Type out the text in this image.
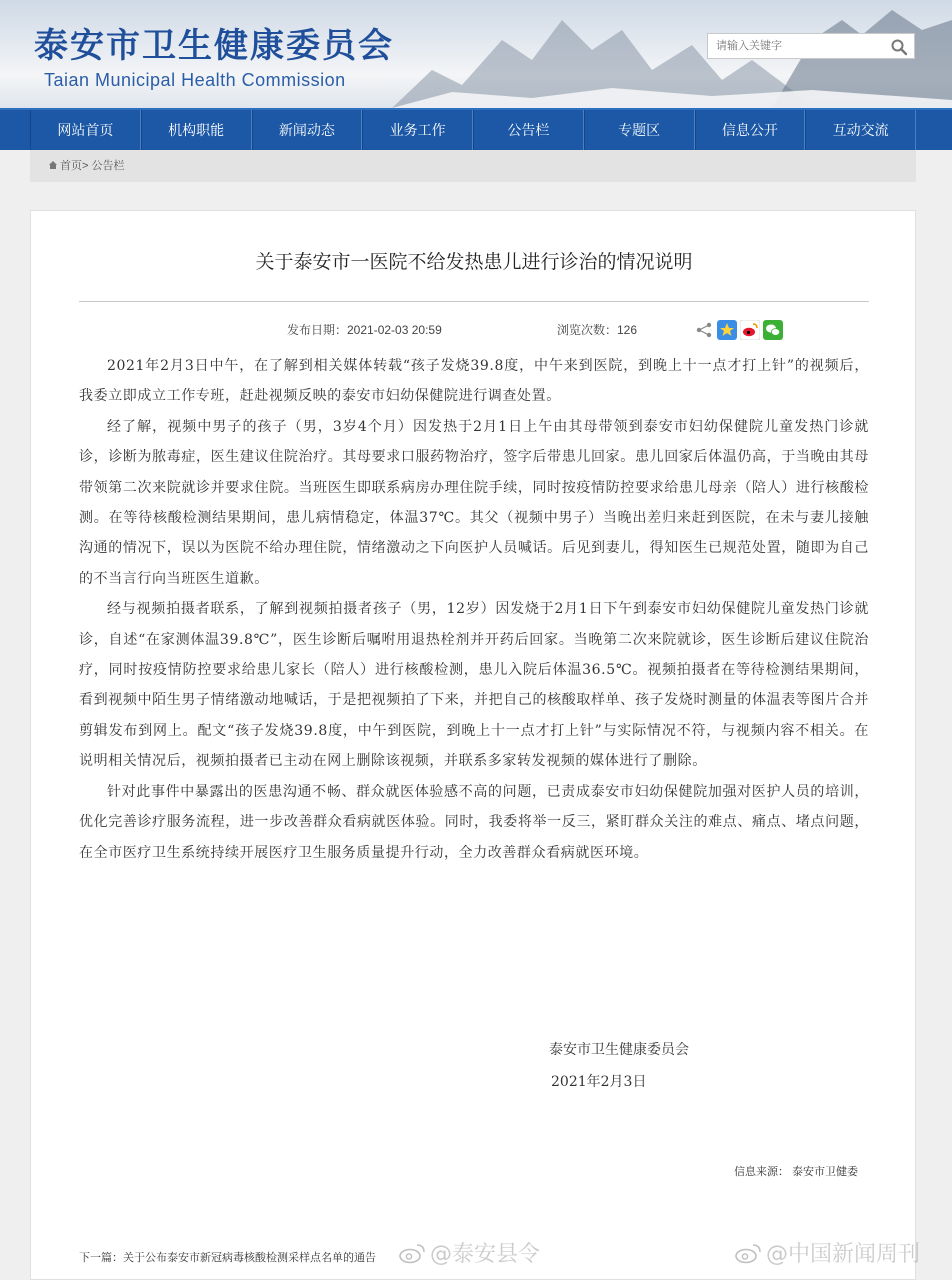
泰安市卫生健康委员会
Taian Municipal Health Commission
请输入关键字
网站首页	机构职能	新闻动态	业务工作	公告栏	专题区	信息公开	互动交流
首页> 公告栏
关于泰安市一医院不给发热患儿进行诊治的情况说明
发布日期：2021-02-03 20:59	浏览次数：126

2021年2月3日中午，在了解到相关媒体转载“孩子发烧39.8度，中午来到医院，到晚上十一点才打上针”的视频后，我委立即成立工作专班，赶赴视频反映的泰安市妇幼保健院进行调查处置。

经了解，视频中男子的孩子（男，3岁4个月）因发热于2月1日上午由其母带领到泰安市妇幼保健院儿童发热门诊就诊，诊断为脓毒症，医生建议住院治疗。其母要求口服药物治疗，签字后带患儿回家。患儿回家后体温仍高，于当晚由其母带领第二次来院就诊并要求住院。当班医生即联系病房办理住院手续，同时按疫情防控要求给患儿母亲（陪人）进行核酸检测。在等待核酸检测结果期间，患儿病情稳定，体温37℃。其父（视频中男子）当晚出差归来赶到医院，在未与妻儿接触沟通的情况下，误以为医院不给办理住院，情绪激动之下向医护人员喊话。后见到妻儿，得知医生已规范处置，随即为自己的不当言行向当班医生道歉。

经与视频拍摄者联系，了解到视频拍摄者孩子（男，12岁）因发烧于2月1日下午到泰安市妇幼保健院儿童发热门诊就诊，自述“在家测体温39.8℃”，医生诊断后嘱咐用退热栓剂并开药后回家。当晚第二次来院就诊，医生诊断后建议住院治疗，同时按疫情防控要求给患儿家长（陪人）进行核酸检测，患儿入院后体温36.5℃。视频拍摄者在等待检测结果期间，看到视频中陌生男子情绪激动地喊话，于是把视频拍了下来，并把自己的核酸取样单、孩子发烧时测量的体温表等图片合并剪辑发布到网上。配文“孩子发烧39.8度，中午到医院，到晚上十一点才打上针”与实际情况不符，与视频内容不相关。在说明相关情况后，视频拍摄者已主动在网上删除该视频，并联系多家转发视频的媒体进行了删除。

针对此事件中暴露出的医患沟通不畅、群众就医体验感不高的问题，已责成泰安市妇幼保健院加强对医护人员的培训，优化完善诊疗服务流程，进一步改善群众看病就医体验。同时，我委将举一反三，紧盯群众关注的难点、痛点、堵点问题，在全市医疗卫生系统持续开展医疗卫生服务质量提升行动，全力改善群众看病就医环境。

泰安市卫生健康委员会
2021年2月3日
信息来源： 泰安市卫健委
下一篇：关于公布泰安市新冠病毒核酸检测采样点名单的通告	@泰安县令	@中国新闻周刊
